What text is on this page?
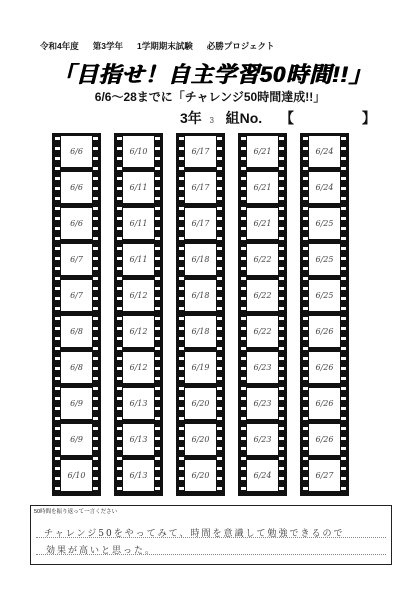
令和4年度 第3学年 1学期期末試験 必勝プロジェクト
「目指せ！自主学習50時間!!」
6/6～28までに「チャレンジ50時間達成!!」
3年 3 組No. 【	】
6/6
6/6
6/6
6/7
6/7
6/8
6/8
6/9
6/9
6/10
6/10
6/11
6/11
6/11
6/12
6/12
6/12
6/13
6/13
6/13
6/17
6/17
6/17
6/18
6/18
6/18
6/19
6/20
6/20
6/20
6/21
6/21
6/21
6/22
6/22
6/22
6/23
6/23
6/23
6/24
6/24
6/24
6/25
6/25
6/25
6/26
6/26
6/26
6/26
6/27
50時間を振り返って一言ください
チャレンジ50をやってみて、時間を意識して勉強できるので
効果が高いと思った。
